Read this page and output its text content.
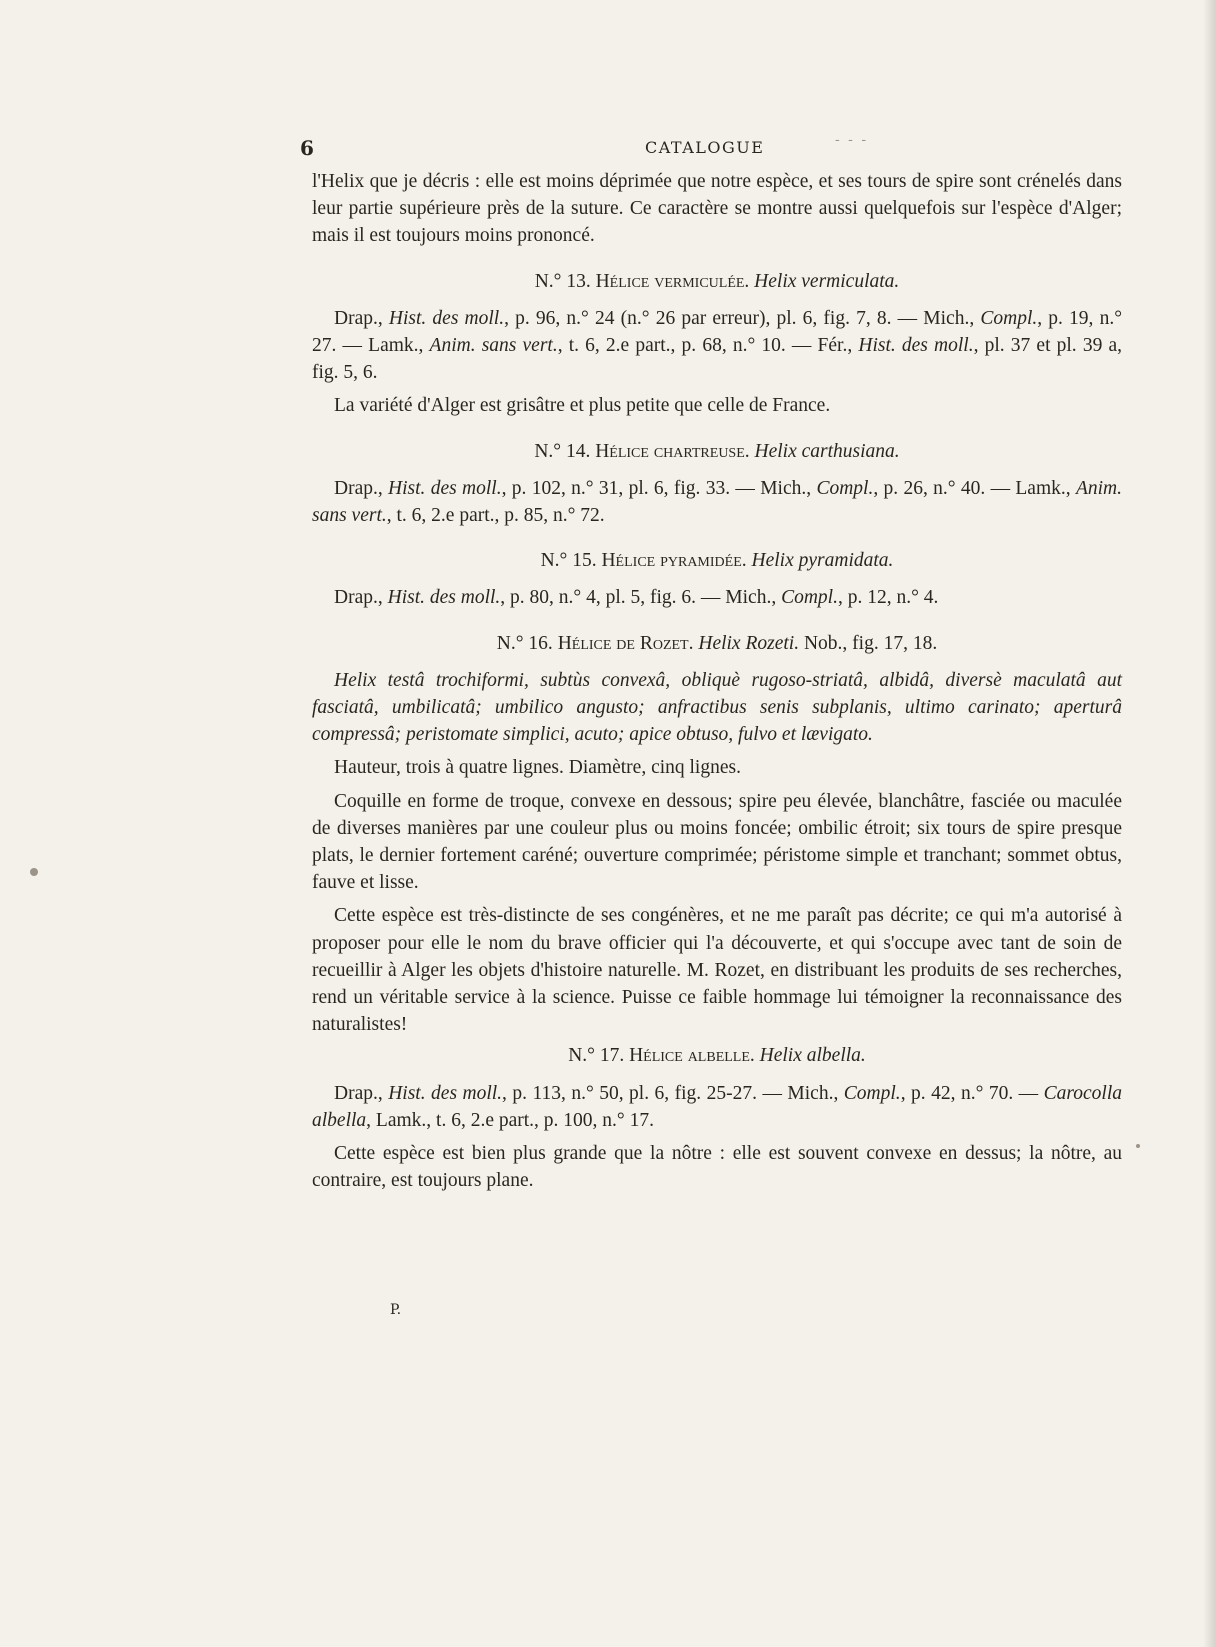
6	CATALOGUE	- - -

l'Helix que je décris : elle est moins déprimée que notre espèce, et ses tours de spire sont crénelés dans leur partie supérieure près de la suture. Ce caractère se montre aussi quelquefois sur l'espèce d'Alger; mais il est toujours moins prononcé.

N.° 13. Hélice vermiculée. Helix vermiculata.

Drap., Hist. des moll., p. 96, n.° 24 (n.° 26 par erreur), pl. 6, fig. 7, 8. — Mich., Compl., p. 19, n.° 27. — Lamk., Anim. sans vert., t. 6, 2.e part., p. 68, n.° 10. — Fér., Hist. des moll., pl. 37 et pl. 39 a, fig. 5, 6.

La variété d'Alger est grisâtre et plus petite que celle de France.

N.° 14. Hélice chartreuse. Helix carthusiana.

Drap., Hist. des moll., p. 102, n.° 31, pl. 6, fig. 33. — Mich., Compl., p. 26, n.° 40. — Lamk., Anim. sans vert., t. 6, 2.e part., p. 85, n.° 72.

N.° 15. Hélice pyramidée. Helix pyramidata.

Drap., Hist. des moll., p. 80, n.° 4, pl. 5, fig. 6. — Mich., Compl., p. 12, n.° 4.

N.° 16. Hélice de Rozet. Helix Rozeti. Nob., fig. 17, 18.

Helix testâ trochiformi, subtùs convexâ, obliquè rugoso-striatâ, albidâ, diversè maculatâ aut fasciatâ, umbilicatâ; umbilico angusto; anfractibus senis subplanis, ultimo carinato; aperturâ compressâ; peristomate simplici, acuto; apice obtuso, fulvo et lævigato.

Hauteur, trois à quatre lignes. Diamètre, cinq lignes.

Coquille en forme de troque, convexe en dessous; spire peu élevée, blanchâtre, fasciée ou maculée de diverses manières par une couleur plus ou moins foncée; ombilic étroit; six tours de spire presque plats, le dernier fortement caréné; ouverture comprimée; péristome simple et tranchant; sommet obtus, fauve et lisse.

Cette espèce est très-distincte de ses congénères, et ne me paraît pas décrite; ce qui m'a autorisé à proposer pour elle le nom du brave officier qui l'a découverte, et qui s'occupe avec tant de soin de recueillir à Alger les objets d'histoire naturelle. M. Rozet, en distribuant les produits de ses recherches, rend un véritable service à la science. Puisse ce faible hommage lui témoigner la reconnaissance des naturalistes!

N.° 17. Hélice albelle. Helix albella.

Drap., Hist. des moll., p. 113, n.° 50, pl. 6, fig. 25-27. — Mich., Compl., p. 42, n.° 70. — Carocolla albella, Lamk., t. 6, 2.e part., p. 100, n.° 17.

Cette espèce est bien plus grande que la nôtre : elle est souvent convexe en dessus; la nôtre, au contraire, est toujours plane.

P.
